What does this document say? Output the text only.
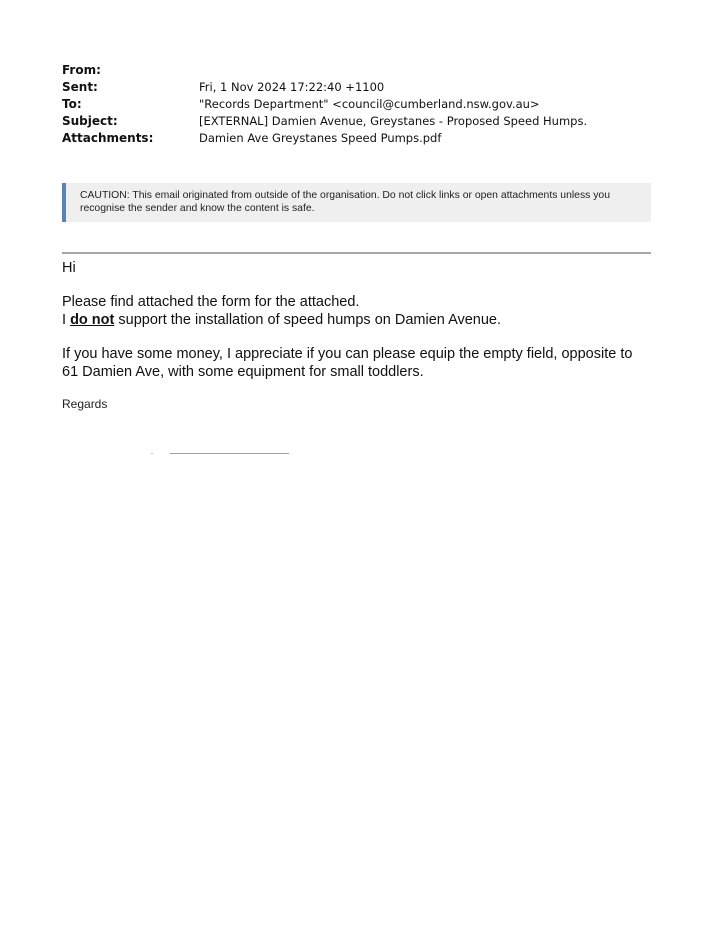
From:
Sent:	Fri, 1 Nov 2024 17:22:40 +1100
To:	"Records Department" <council@cumberland.nsw.gov.au>
Subject:	[EXTERNAL] Damien Avenue, Greystanes - Proposed Speed Humps.
Attachments:	Damien Ave Greystanes Speed Pumps.pdf
CAUTION: This email originated from outside of the organisation. Do not click links or open attachments unless you recognise the sender and know the content is safe.
Hi
Please find attached the form for the attached.
I do not support the installation of speed humps on Damien Avenue.
If you have some money, I appreciate if you can please equip the empty field, opposite to 61 Damien Ave, with some equipment for small toddlers.
Regards
